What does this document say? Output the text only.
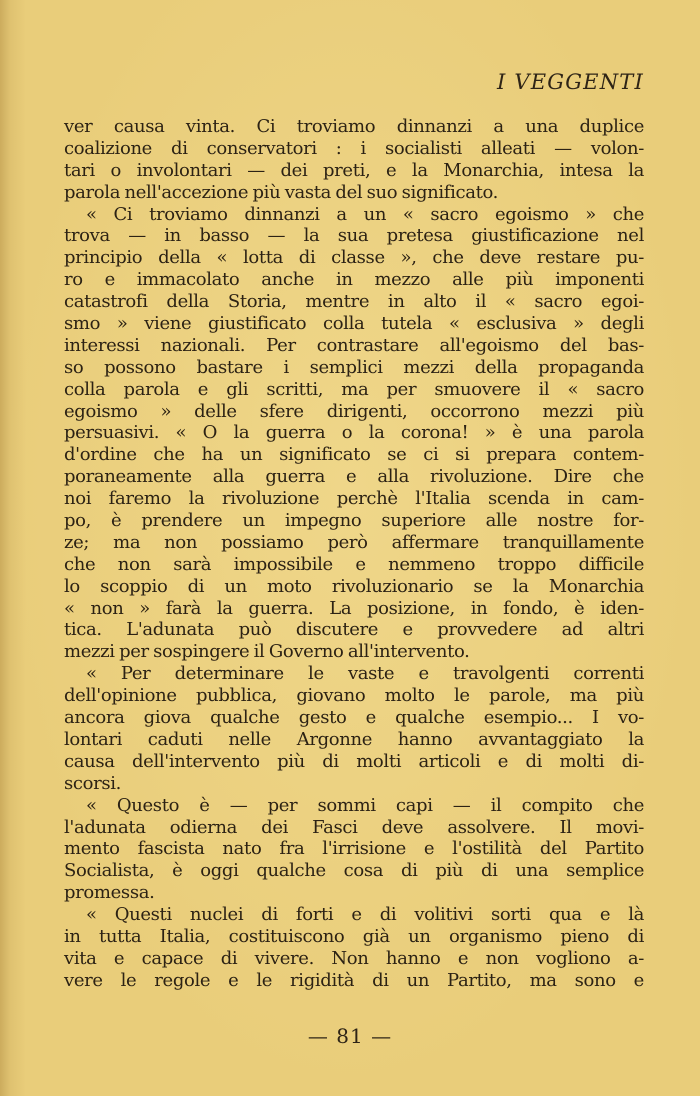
I VEGGENTI
ver causa vinta. Ci troviamo dinnanzi a una duplice
coalizione di conservatori : i socialisti alleati — volon-
tari o involontari — dei preti, e la Monarchia, intesa la
parola nell'accezione più vasta del suo significato.
« Ci troviamo dinnanzi a un « sacro egoismo » che
trova — in basso — la sua pretesa giustificazione nel
principio della « lotta di classe », che deve restare pu-
ro e immacolato anche in mezzo alle più imponenti
catastrofi della Storia, mentre in alto il « sacro egoi-
smo » viene giustificato colla tutela « esclusiva » degli
interessi nazionali. Per contrastare all'egoismo del bas-
so possono bastare i semplici mezzi della propaganda
colla parola e gli scritti, ma per smuovere il « sacro
egoismo » delle sfere dirigenti, occorrono mezzi più
persuasivi. « O la guerra o la corona! » è una parola
d'ordine che ha un significato se ci si prepara contem-
poraneamente alla guerra e alla rivoluzione. Dire che
noi faremo la rivoluzione perchè l'Italia scenda in cam-
po, è prendere un impegno superiore alle nostre for-
ze; ma non possiamo però affermare tranquillamente
che non sarà impossibile e nemmeno troppo difficile
lo scoppio di un moto rivoluzionario se la Monarchia
« non » farà la guerra. La posizione, in fondo, è iden-
tica. L'adunata può discutere e provvedere ad altri
mezzi per sospingere il Governo all'intervento.
« Per determinare le vaste e travolgenti correnti
dell'opinione pubblica, giovano molto le parole, ma più
ancora giova qualche gesto e qualche esempio... I vo-
lontari caduti nelle Argonne hanno avvantaggiato la
causa dell'intervento più di molti articoli e di molti di-
scorsi.
« Questo è — per sommi capi — il compito che
l'adunata odierna dei Fasci deve assolvere. Il movi-
mento fascista nato fra l'irrisione e l'ostilità del Partito
Socialista, è oggi qualche cosa di più di una semplice
promessa.
« Questi nuclei di forti e di volitivi sorti qua e là
in tutta Italia, costituiscono già un organismo pieno di
vita e capace di vivere. Non hanno e non vogliono a-
vere le regole e le rigidità di un Partito, ma sono e
— 81 —
